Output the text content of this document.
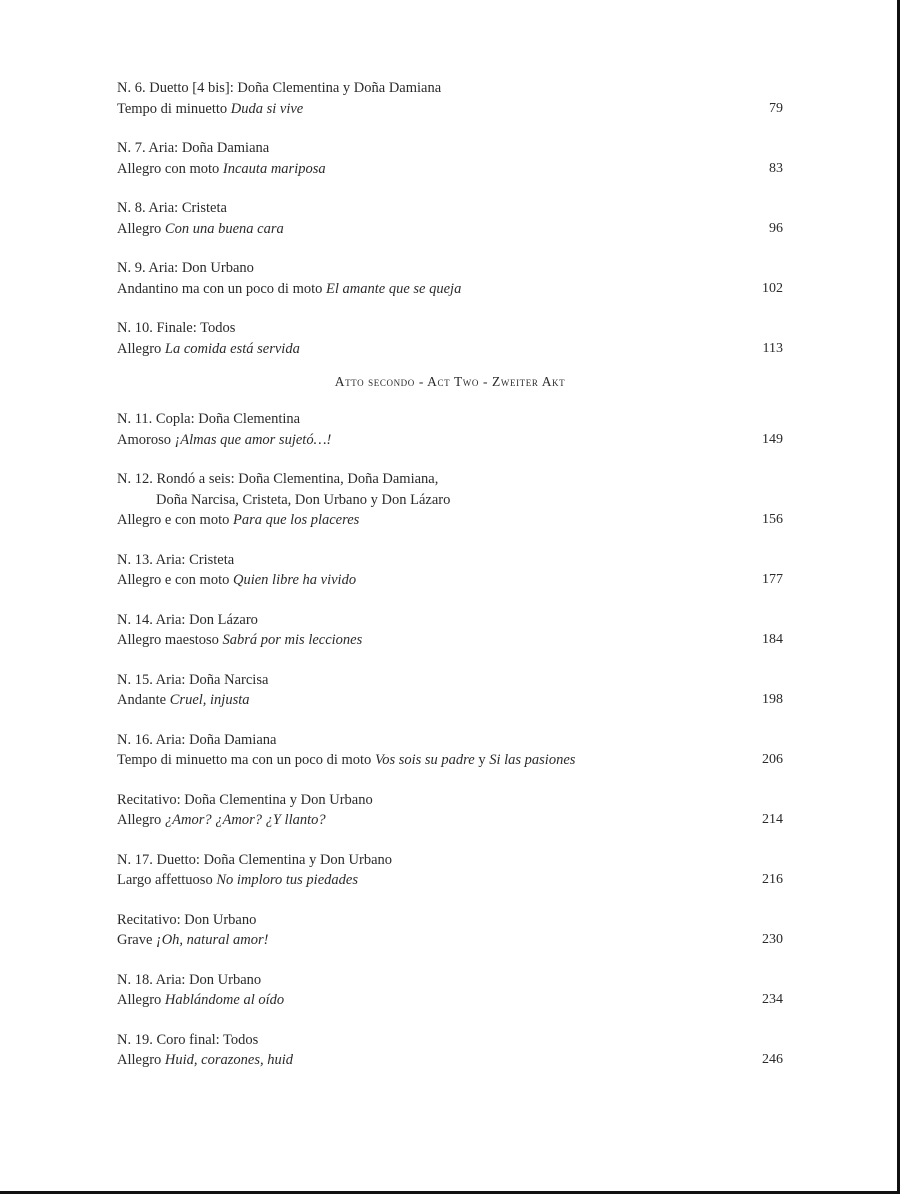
N. 6. Duetto [4 bis]: Doña Clementina y Doña Damiana
Tempo di minuetto Duda si vive	79
N. 7. Aria: Doña Damiana
Allegro con moto Incauta mariposa	83
N. 8. Aria: Cristeta
Allegro Con una buena cara	96
N. 9. Aria: Don Urbano
Andantino ma con un poco di moto El amante que se queja	102
N. 10. Finale: Todos
Allegro La comida está servida	113
Atto secondo - Act Two - Zweiter Akt
N. 11. Copla: Doña Clementina
Amoroso ¡Almas que amor sujetó…!	149
N. 12. Rondó a seis: Doña Clementina, Doña Damiana,
Doña Narcisa, Cristeta, Don Urbano y Don Lázaro
Allegro e con moto Para que los placeres	156
N. 13. Aria: Cristeta
Allegro e con moto Quien libre ha vivido	177
N. 14. Aria: Don Lázaro
Allegro maestoso Sabrá por mis lecciones	184
N. 15. Aria: Doña Narcisa
Andante Cruel, injusta	198
N. 16. Aria: Doña Damiana
Tempo di minuetto ma con un poco di moto Vos sois su padre y Si las pasiones	206
Recitativo: Doña Clementina y Don Urbano
Allegro ¿Amor? ¿Amor? ¿Y llanto?	214
N. 17. Duetto: Doña Clementina y Don Urbano
Largo affettuoso No imploro tus piedades	216
Recitativo: Don Urbano
Grave ¡Oh, natural amor!	230
N. 18. Aria: Don Urbano
Allegro Hablándome al oído	234
N. 19. Coro final: Todos
Allegro Huid, corazones, huid	246
